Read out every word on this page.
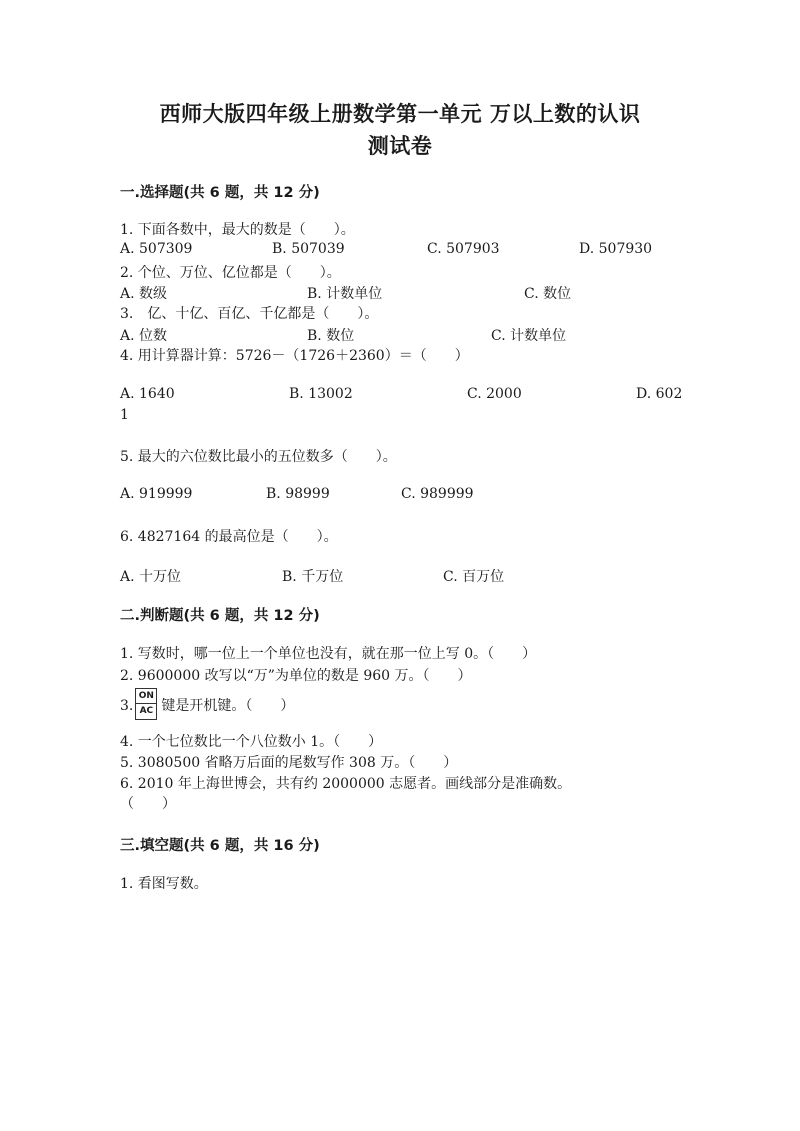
西师大版四年级上册数学第一单元 万以上数的认识
测试卷
一.选择题(共 6 题，共 12 分)
1. 下面各数中，最大的数是（　　）。
A. 507309	B. 507039	C. 507903	D. 507930
2. 个位、万位、亿位都是（　　）。
A. 数级	B. 计数单位	C. 数位
3.　亿、十亿、百亿、千亿都是（　　）。
A. 位数	B. 数位	C. 计数单位
4. 用计算器计算：5726－（1726＋2360）＝（　　）
A. 1640	B. 13002	C. 2000	D. 602
1
5. 最大的六位数比最小的五位数多（　　）。
A. 919999	B. 98999	C. 989999
6. 4827164 的最高位是（　　）。
A. 十万位	B. 千万位	C. 百万位
二.判断题(共 6 题，共 12 分)
1. 写数时，哪一位上一个单位也没有，就在那一位上写 0。（　　）
2. 9600000 改写以“万”为单位的数是 960 万。（　　）
3. $\frac{ON}{AC}$ 键是开机键。（　　）
4. 一个七位数比一个八位数小 1。（　　）
5. 3080500 省略万后面的尾数写作 308 万。（　　）
6. 2010 年上海世博会，共有约 2000000 志愿者。画线部分是准确数。
（　　）
三.填空题(共 6 题，共 16 分)
1. 看图写数。
